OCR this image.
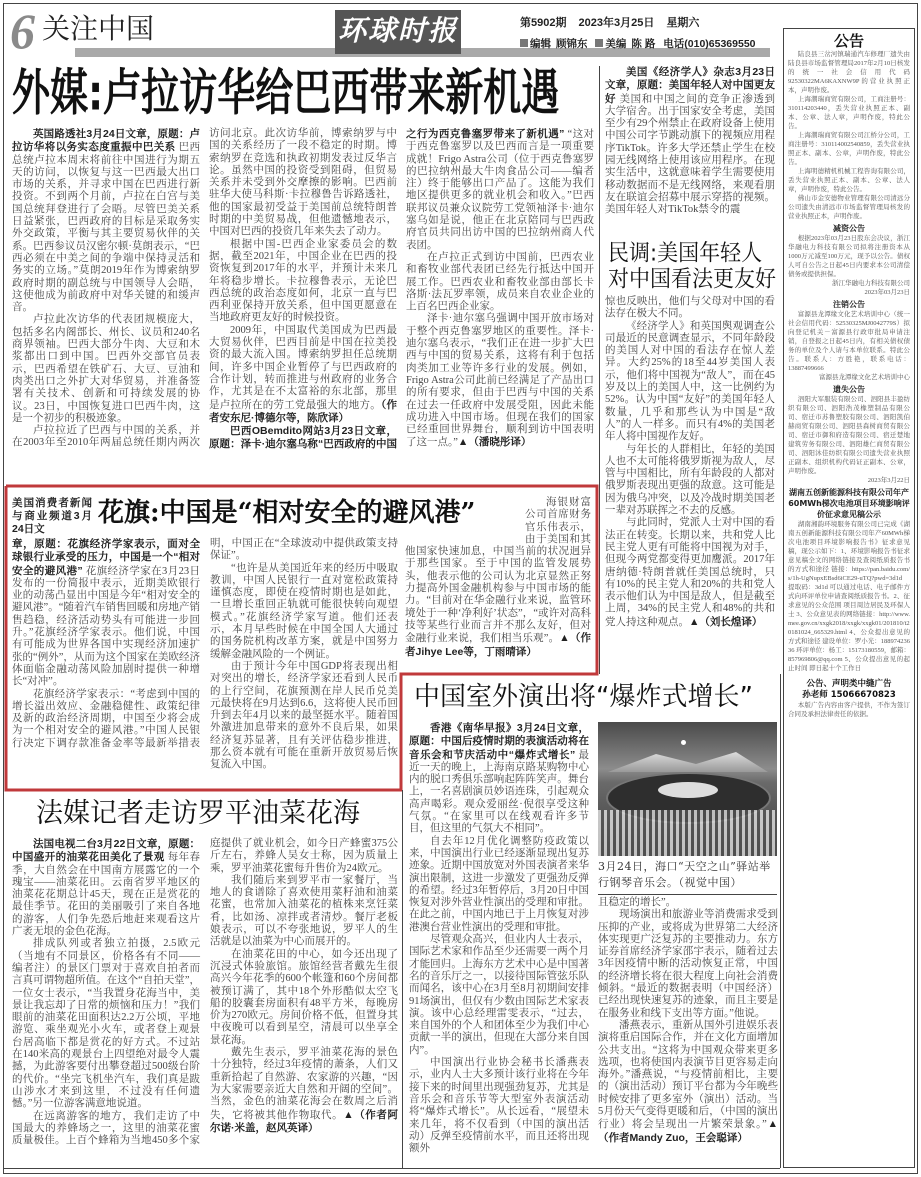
6 关注中国	环球时报	第5902期 2023年3月25日 星期六
编辑 顾锦东 美编 陈 路 电话(010)65369550
外媒:卢拉访华给巴西带来新机遇

英国路透社3月24日文章，原题：卢拉访华将以务实态度重振中巴关系 巴西总统卢拉本周末将前往中国进行为期五天的访问，以恢复与这一巴西最大出口市场的关系，并寻求中国在巴西进行新投资。不到两个月前，卢拉在白宫与美国总统拜登进行了会晤。尽管巴美关系日益紧张，巴西政府的目标是采取务实外交政策，平衡与其主要贸易伙伴的关系。巴西参议员汉密尔顿·莫朗表示，“巴西必须在中美之间的争端中保持灵活和务实的立场。”莫朗2019年作为博索纳罗政府时期的副总统与中国领导人会晤，这使他成为前政府中对华关键的和缓声音。

卢拉此次访华的代表团规模庞大，包括多名内阁部长、州长、议员和240名商界领袖。巴西大部分牛肉、大豆和木浆都出口到中国。巴西外交部官员表示，巴西希望在铁矿石、大豆、豆油和肉类出口之外扩大对华贸易，并准备签署有关技术、创新和可持续发展的协议。23日，中国恢复进口巴西牛肉，这是一个初步的积极迹象。

卢拉拉近了巴西与中国的关系，并在2003年至2010年两届总统任期内两次访问北京。此次访华前，博索纳罗与中国的关系经历了一段不稳定的时期。博索纳罗在竞选和执政初期发表过反华言论。虽然中国的投资受到阻碍，但贸易关系并未受到外交摩擦的影响。巴西前驻华大使马科斯·卡拉穆鲁告诉路透社，他的国家最初受益于美国前总统特朗普时期的中美贸易战，但他遗憾地表示，中国对巴西的投资几年来失去了动力。

根据中国-巴西企业家委员会的数据，截至2021年，中国企业在巴西的投资恢复到2017年的水平，并预计未来几年将稳步增长。卡拉穆鲁表示，无论巴西总统的政治态度如何，北京一直与巴西利亚保持开放关系，但中国更愿意在当地政府更友好的时候投资。

2009年，中国取代美国成为巴西最大贸易伙伴，巴西目前是中国在拉美投资的最大流入国。博索纳罗担任总统期间，许多中国企业暂停了与巴西政府的合作计划，转而推进与州政府的业务合作，尤其是在不太富裕的东北部，那里是卢拉所在的劳工党最强大的地方。（作者安东尼·博德尔等，陈欣译）

巴西OBemdito网站3月23日文章，原题：泽卡·迪尔塞乌称“巴西政府的中国之行为西克鲁塞罗带来了新机遇” “这对于西克鲁塞罗以及巴西而言是一项重要成就！Frigo Astra公司（位于西克鲁塞罗的巴拉纳州最大牛肉食品公司——编者注）终于能够出口产品了。这能为我们地区提供更多的就业机会和收入。”巴西联邦议员兼众议院劳工党领袖泽卡·迪尔塞乌如是说，他正在北京陪同与巴西政府官员共同出访中国的巴拉纳州商人代表团。

在卢拉正式到访中国前，巴西农业和畜牧业部代表团已经先行抵达中国开展工作。巴西农业和畜牧业部由部长卡洛斯·法瓦罗率领，成员来自农业企业的上百名巴西企业家。

泽卡·迪尔塞乌强调中国开放市场对于整个西克鲁塞罗地区的重要性。泽卡·迪尔塞乌表示，“我们正在进一步扩大巴西与中国的贸易关系，这将有利于包括肉类加工业等许多行业的发展。例如，Frigo Astra公司此前已经满足了产品出口的所有要求，但由于巴西与中国的关系在过去一任政府中发展受阻，因此未能成功进入中国市场。但现在我们的国家已经重回世界舞台，顺利到访中国表明了这一点。”▲（潘晓彤译）

美国《经济学人》杂志3月23日文章，原题：美国年轻人对中国更友好 美国和中国之间的竞争正渗透到大学宿舍。出于国家安全考虑，美国至少有29个州禁止在政府设备上使用中国公司字节跳动旗下的视频应用程序TikTok。许多大学还禁止学生在校园无线网络上使用该应用程序。在现实生活中，这就意味着学生需要使用移动数据而不是无线网络，来观看朋友在联谊会招募中展示穿搭的视频。美国年轻人对TikTok禁令的震

民调:美国年轻人
对中国看法更友好

惊也反映出，他们与父母对中国的看法存在极大不同。

《经济学人》和英国舆观调查公司最近的民意调查显示，不同年龄段的美国人对中国的看法存在惊人差异。大约25%的18至44岁美国人表示，他们将中国视为“敌人”，而在45岁及以上的美国人中，这一比例约为52%。认为中国“友好”的美国年轻人数量，几乎和那些认为中国是“敌人”的人一样多。而只有4%的美国老年人将中国视作友好。

与年长的人群相比，年轻的美国人也不太可能将俄罗斯视为敌人，尽管与中国相比，所有年龄段的人都对俄罗斯表现出更强的敌意。这可能是因为俄乌冲突，以及冷战时期美国老一辈对苏联挥之不去的反感。

与此同时，党派人士对中国的看法正在转变。长期以来，共和党人比民主党人更有可能将中国视为对手，但现今两党都变得更加鹰派。2017年唐纳德·特朗普就任美国总统时，只有10%的民主党人和20%的共和党人表示他们认为中国是敌人，但是截至上周，34%的民主党人和48%的共和党人持这种观点。▲（刘长煌译）

美国消费者新闻与商业频道3月24日文
花旗:中国是“相对安全的避风港”

章，原题：花旗经济学家表示，面对全球银行业承受的压力，中国是一个“相对安全的避风港” 花旗经济学家在3月23日发布的一份简报中表示，近期美欧银行业的动荡凸显出中国是今年“相对安全的避风港”。“随着汽车销售回暖和房地产销售趋稳，经济活动势头有可能进一步回升。”花旗经济学家表示。他们说，中国有可能成为世界各国中实现经济加速扩张的“例外”，从而为这个国家在美欧经济体面临金融动荡风险加剧时提供一种增长“对冲”。

花旗经济学家表示：“考虑到中国的增长溢出效应、金融稳健性、政策纪律及新的政治经济周期，中国至少将会成为一个相对安全的避风港。”中国人民银行决定下调存款准备金率等最新举措表明，中国正在“全球波动中提供政策支持保证”。

“也许是从美国近年来的经历中吸取教训，中国人民银行一直对宽松政策持谨慎态度，即使在疫情时期也是如此，一旦增长重回正轨就可能很快转向观望模式。”花旗经济学家写道。他们还表示，本月早些时候在中国全国人大通过的国务院机构改革方案，就是中国努力缓解金融风险的一个例证。

由于预计今年中国GDP将表现出相对突出的增长，经济学家还看到人民币的上行空间，花旗预测在岸人民币兑美元最快将在9月达到6.6，这将使人民币回升到去年4月以来的最坚挺水平。随着国外激进加息带来的意外不良后果，如果经济复苏显著，且有关评估稳步推进，那么资本就有可能在重新开放贸易后恢复流入中国。

海银财富公司首席财务官乐伟表示，由于美国和其他国家快速加息，中国当前的状况迥异于那些国家。至于中国的监管发展势头，他表示他的公司认为北京显然正努力提高外国金融机构参与中国市场的能力。“目前对在华金融行业来说，监管环境处于一种‘净利好’状态”，“或许对高科技等某些行业而言并不那么友好，但对金融行业来说，我们相当乐观”。▲（作者Jihye Lee等，丁雨晴译）

中国室外演出将“爆炸式增长”

香港《南华早报》3月24日文章，原题：中国后疫情时期的表演活动将在音乐会和节庆活动中“爆炸式增长” 最近一天的晚上，上海南京路某购物中心内的脱口秀俱乐部响起阵阵笑声。舞台上，一名喜剧演员妙语连珠，引起观众高声喝彩。观众爱丽丝·倪很享受这种气氛。“在家里可以在线观看许多节目，但这里的气氛大不相同”。

自去年12月优化调整防疫政策以来，中国演出行业已经逐渐显现出复苏迹象。近期中国放宽对外国表演者来华演出限制，这进一步激发了更强劲反弹的希望。经过3年暂停后，3月20日中国恢复对涉外营业性演出的受理和审批。在此之前，中国内地已于上月恢复对涉港澳台营业性演出的受理和审批。

尽管观众高兴，但业内人士表示，国际艺术家和作品至少还需要一两个月才能回归。上海东方艺术中心是中国著名的音乐厅之一，以接待国际管弦乐队而闻名，该中心在3月至8月初期间安排91场演出，但仅有少数由国际艺术家表演。该中心总经理雷雯表示，“过去，来自国外的个人和团体至少为我们中心贡献一半的演出，但现在大部分来自国内”。

中国演出行业协会秘书长潘燕表示，业内人士大多预计该行业将在今年接下来的时间里出现强劲复苏，尤其是音乐会和音乐节等大型室外表演活动将“爆炸式增长”。从长远看，“展望未来几年，将不仅看到（中国的演出活动）反弹至疫情前水平，而且还将出现额外

3月24日，海口“天空之山”驿站举行钢琴音乐会。（视觉中国）

且稳定的增长”。

现场演出和旅游业等消费需求受到压抑的产业，或将成为世界第二大经济体实现更广泛复苏的主要推动力。东方证券首席经济学家邵宇表示，随着过去3年因疫情中断的活动恢复正常，中国的经济增长将在很大程度上向社会消费倾斜。“最近的数据表明（中国经济）已经出现快速复苏的迹象，而且主要是在服务业和线下支出等方面。”他说。

潘燕表示，重新从国外引进娱乐表演将重启国际合作，并在文化方面增加公共支出。“这将为中国观众带来更多选项，也将使国内表演节目更容易走向海外。”潘燕说，“与疫情前相比，主要的（演出活动）预订平台都为今年晚些时候安排了更多室外（演出）活动。当5月份天气变得更暖和后，（中国的演出行业）将会呈现出一片繁荣景象。”▲（作者Mandy Zuo，王会聪译）

法媒记者走访罗平油菜花海

法国电视二台3月22日文章，原题：中国盛开的油菜花田美化了景观 每年春季，大自然会在中国南方展露它的一个瑰宝——油菜花田。云南省罗平地区的油菜花花期总计45天，现在正是赏花的最佳季节。花田的美丽吸引了来自各地的游客，人们争先恐后地赶来观看这片广袤无垠的金色花海。

排成队列或者独立拍摄，2.5欧元（当地有不同景区，价格各有不同——编者注）的景区门票对于喜欢自拍者而言真可谓物超所值。在这个“自拍天堂”，一位女士表示，“当我置身花海当中，美景让我忘却了日常的烦恼和压力！”我们眼前的油菜花田面积达2.2万公顷，平地游览、乘坐观光小火车，或者登上观景台居高临下都是赏花的好方式。不过站在140米高的观景台上四望绝对最令人震撼，为此游客要付出攀登超过500级台阶的代价。“坐完飞机坐汽车，我们真是跋山涉水才来到这里，不过没有任何遗憾。”另一位游客满意地说道。

在远离游客的地方，我们走访了中国最大的养蜂场之一，这里的油菜花蜜质量极佳。上百个蜂箱为当地450多个家庭提供了就业机会，如今日产蜂蜜375公斤左右，养蜂人吴女士称，因为质量上乘，罗平油菜花蜜每升售价为24欧元。

我们随后来到罗平市一家餐厅，当地人的食谱除了喜欢使用菜籽油和油菜花蜜，也常加入油菜花的植株来烹饪菜肴，比如汤、凉拌或者清炒。餐厅老板娘表示，可以不夸张地说，罗平人的生活就是以油菜为中心而展开的。

在油菜花田的中心，如今还出现了沉浸式体验旅馆。旅馆经营者戴先生很高兴今年花季的600个帐篷和60个房间都被预订满了，其中18个外形酷似太空飞船的胶囊套房面积有48平方米，每晚房价为270欧元。房间价格不低，但置身其中夜晚可以看到星空，清晨可以坐享全景花海。

戴先生表示，罗平油菜花海的景色十分独特，经过3年疫情的萧条，人们又重新拾起了自然游、农家游的兴趣，“因为大家需要亲近大自然和开阔的空间”。当然，金色的油菜花海会在数周之后消失，它将被其他作物取代。▲（作者阿尔诺·米盖，赵风英译）

公告

陆良县三岔河镇瑞通汽车修理厂遗失由陆良县市场监督管理局2017年2月10日核发的统一社会信用代码92530322MA6KAXNW9P的营业执照正本，声明作废。

上海潮瑞商贸有限公司，工商注册号：310114203440，丢失营业执照正本、副本、公章、法人章，声明作废，特此公告。

上海潮瑞商贸有限公司江桥分公司，工商注册号：310114002540859，丢失营业执照正本、副本、公章，声明作废，特此公告。

上海明德精机机械工程咨询有限公司，丢失营业执照正本、副本、公章、法人章，声明作废，特此公告。

佛山市金安德物业管理有限公司清远分公司遗失由清远市市场监督管理局核发的营业执照正本，声明作废。

减资公告

根据2023年03月23日股东会决议，浙江华融电力科技有限公司拟将注册资本从1000万元减至100万元，现予以公告。债权人可自公告之日起45日内要求本公司清偿债务或提供担保。

浙江华融电力科技有限公司
2023年03月23日
注销公告

富源县龙潭缘文化艺术培训中心（统一社会信用代码：52530325MJ0042779S）拟向登记机关－富源县行政审批局申请注销，自登报之日起45日内，有相关债权债务的单位及个人请与本单位联系。特此公告。联系人：方胜艳，联系电话：13887499666

富源县龙潭缘文化艺术培训中心
遗失公告

泗阳大军服装有限公司、泗阳县丰盈纺织有限公司、泗阳浩茂橡塑制品有限公司、宿迁市苏鲁塑胶有限公司、泗阳凯伯赫商贸有限公司、泗阳县森树商贸有限公司、宿迁市御和府造有限公司、宿迁楚地建筑劳务有限公司、泗阳雄仁商贸有限公司、泗阳沐佳纺织有限公司遗失营业执照正副本、组织机构代码证正副本、公章，声明作废。

2023年3月22日
湖南五创新能源科技有限公司年产60MWh梯次电池项目环境影响评价征求意见稿公示

湖南湘韵环境服务有限公司已完成《湖南五创新能源科技有限公司年产60MWh梯次电池项目环境影响报告书》征求意见稿，现公示如下：1、环境影响报告书征求意见稿全文的网络链接及查阅纸质报告书的方式和途径 链接：https://pan.baidu.com/s/1h-UgNupxEBsd6iCE29-uTQ?pwd=3d1d 提取码：3d1d 可以通过电话、电子邮件方式向环评单位申请查阅纸质报告书。2、征求意见的公众范围 项目周边居民及环保人士 3、公众意见表的网络链接：http://www.mee.gov.cn/xxgk2018/xxgk/xxgk01/201810/t20181024_665329.html 4、公众提出意见的方式和途径 建设单位：罗小光：18897423636 环评单位：杨工：15173180559，邮箱：857969806@qq.com 5、公众提出意见的起止时间 即日起十个工作日

公告、声明类中缝广告
孙老师 15066670823

本版广告内容由客户提供，不作为签订合同及承担法律责任的依据。
